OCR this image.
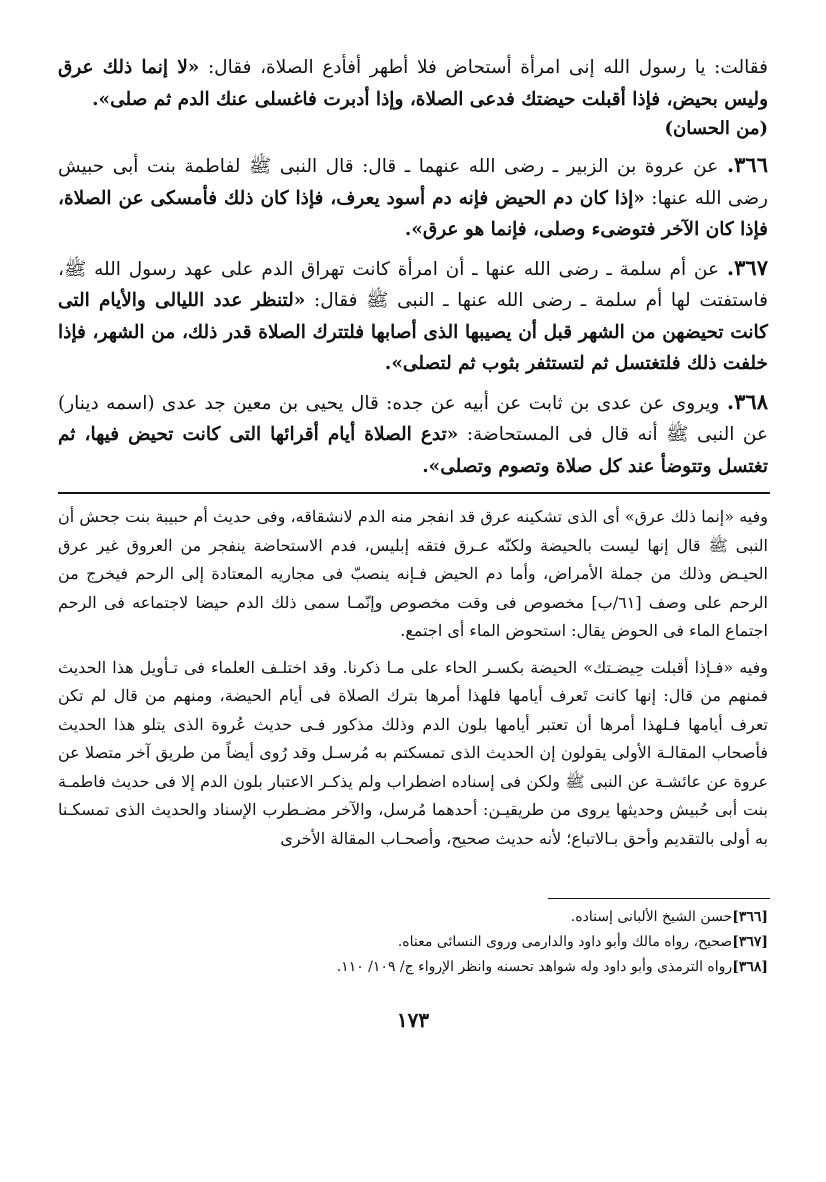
فقالت: يا رسول الله إنى امرأة أستحاض فلا أطهر أفأدع الصلاة، فقال: «لا إنما ذلك عرق وليس بحيض، فإذا أقبلت حيضتك فدعى الصلاة، وإذا أدبرت فاغسلى عنك الدم ثم صلى».

(من الحسان)

٣٦٦. عن عروة بن الزبير ـ رضى الله عنهما ـ قال: قال النبى ﷺ لفاطمة بنت أبى حبيش رضى الله عنها: «إذا كان دم الحيض فإنه دم أسود يعرف، فإذا كان ذلك فأمسكى عن الصلاة، فإذا كان الآخر فتوضىء وصلى، فإنما هو عرق».

٣٦٧. عن أم سلمة ـ رضى الله عنها ـ أن امرأة كانت تهراق الدم على عهد رسول الله ﷺ، فاستفتت لها أم سلمة ـ رضى الله عنها ـ النبى ﷺ فقال: «لتنظر عدد الليالى والأيام التى كانت تحيضهن من الشهر قبل أن يصيبها الذى أصابها فلتترك الصلاة قدر ذلك، من الشهر، فإذا خلفت ذلك فلتغتسل ثم لتستثفر بثوب ثم لتصلى».

٣٦٨. ويروى عن عدى بن ثابت عن أبيه عن جده: قال يحيى بن معين جد عدى (اسمه دينار) عن النبى ﷺ أنه قال فى المستحاضة: «تدع الصلاة أيام أقرائها التى كانت تحيض فيها، ثم تغتسل وتتوضأ عند كل صلاة وتصوم وتصلى».

وفيه «إنما ذلك عرق» أى الذى تشكينه عرق قد انفجر منه الدم لانشقاقه، وفى حديث أم حبيبة بنت جحش أن النبى ﷺ قال إنها ليست بالحيضة ولكنّه عـرق فتقه إبليس، فدم الاستحاضة ينفجر من العروق غير عرق الحيـض وذلك من جملة الأمراض، وأما دم الحيض فـإنه ينصبّ فى مجاريه المعتادة إلى الرحم فيخرج من الرحم على وصف [٦١/ب] مخصوص فى وقت مخصوص وإنّمـا سمى ذلك الدم حيضا لاجتماعه فى الرحم اجتماع الماء فى الحوض يقال: استحوض الماء أى اجتمع.

وفيه «فـإذا أقبلت حِيضـتك» الحيضة بكسـر الحاء على مـا ذكرنا. وقد اختلـف العلماء فى تـأويل هذا الحديث فمنهم من قال: إنها كانت تَعرف أيامها فلهذا أمرها بترك الصلاة فى أيام الحيضة، ومنهم من قال لم تكن تعرف أيامها فـلهذا أمرها أن تعتبر أيامها بلون الدم وذلك مذكور فـى حديث عُروة الذى يتلو هذا الحديث فأصحاب المقالـة الأولى يقولون إن الحديث الذى تمسكتم به مُرسـل وقد رُوى أيضاً من طريق آخر متصلا عن عروة عن عائشـة عن النبى ﷺ ولكن فى إسناده اضطراب ولم يذكـر الاعتبار بلون الدم إلا فى حديث فاطمـة بنت أبى حُبيش وحديثها يروى من طريقيـن: أحدهما مُرسل، والآخر مضـطرب الإسناد والحديث الذى تمسكـنا به أولى بالتقديم وأحق بـالاتباع؛ لأنه حديث صحيح، وأصحـاب المقالة الأخرى

[٣٦٦]حسن الشيخ الألبانى إسناده.

[٣٦٧]صحيح، رواه مالك وأبو داود والدارمى وروى النسائى معناه.

[٣٦٨]رواه الترمذى وأبو داود وله شواهد تحسنه وانظر الإرواء ج/ ١٠٩/ ١١٠.

١٧٣
